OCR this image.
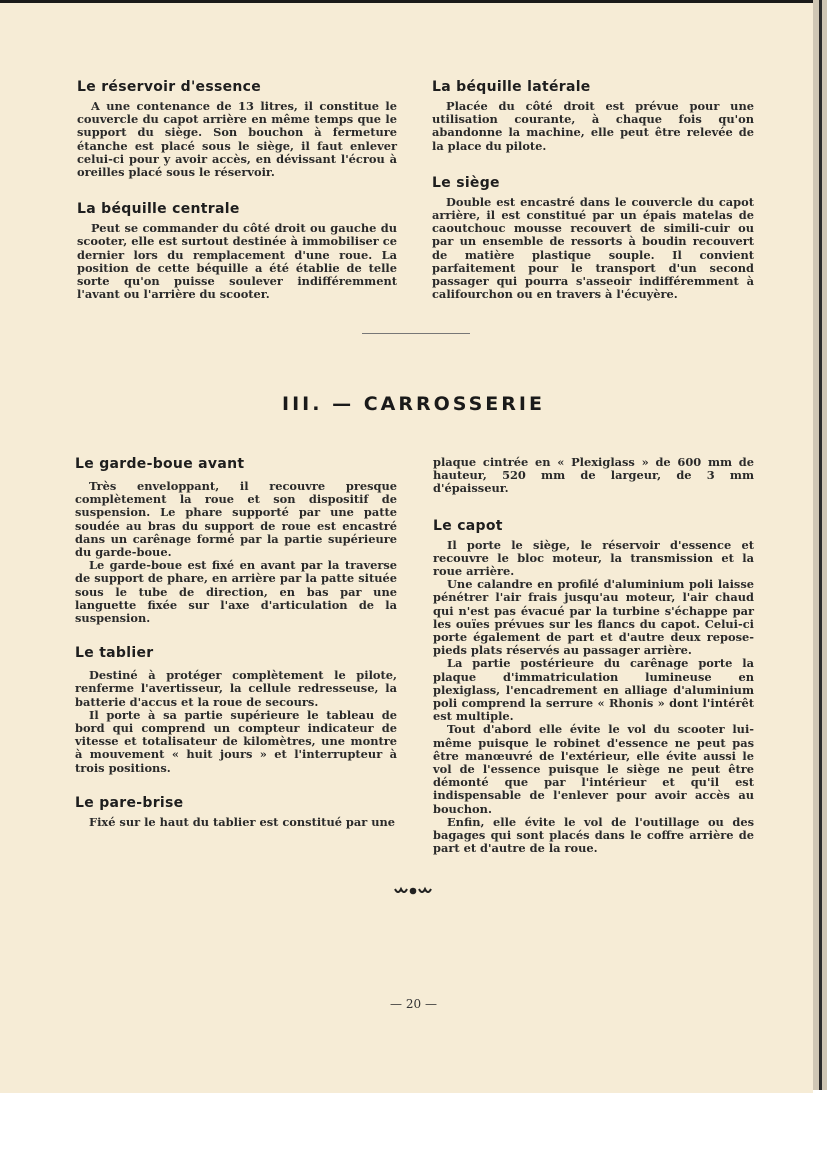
Le réservoir d'essence

A une contenance de 13 litres, il constitue le couvercle du capot arrière en même temps que le support du siège. Son bouchon à fermeture étanche est placé sous le siège, il faut enlever celui-ci pour y avoir accès, en dévissant l'écrou à oreilles placé sous le réservoir.

La béquille centrale

Peut se commander du côté droit ou gauche du scooter, elle est surtout destinée à immobiliser ce dernier lors du remplacement d'une roue. La position de cette béquille a été établie de telle sorte qu'on puisse soulever indifféremment l'avant ou l'arrière du scooter.

La béquille latérale

Placée du côté droit est prévue pour une utilisation courante, à chaque fois qu'on abandonne la machine, elle peut être relevée de la place du pilote.

Le siège

Double est encastré dans le couvercle du capot arrière, il est constitué par un épais matelas de caoutchouc mousse recouvert de simili-cuir ou par un ensemble de ressorts à boudin recouvert de matière plastique souple. Il convient parfaitement pour le transport d'un second passager qui pourra s'asseoir indifféremment à califourchon ou en travers à l'écuyère.

III. — CARROSSERIE
Le garde-boue avant

Très enveloppant, il recouvre presque complètement la roue et son dispositif de suspension. Le phare supporté par une patte soudée au bras du support de roue est encastré dans un carênage formé par la partie supérieure du garde-boue.

Le garde-boue est fixé en avant par la traverse de support de phare, en arrière par la patte située sous le tube de direction, en bas par une languette fixée sur l'axe d'articulation de la suspension.

Le tablier

Destiné à protéger complètement le pilote, renferme l'avertisseur, la cellule redresseuse, la batterie d'accus et la roue de secours.

Il porte à sa partie supérieure le tableau de bord qui comprend un compteur indicateur de vitesse et totalisateur de kilomètres, une montre à mouvement « huit jours » et l'interrupteur à trois positions.

Le pare-brise

Fixé sur le haut du tablier est constitué par une

plaque cintrée en « Plexiglass » de 600 mm de hauteur, 520 mm de largeur, de 3 mm d'épaisseur.

Le capot

Il porte le siège, le réservoir d'essence et recouvre le bloc moteur, la transmission et la roue arrière.

Une calandre en profilé d'aluminium poli laisse pénétrer l'air frais jusqu'au moteur, l'air chaud qui n'est pas évacué par la turbine s'échappe par les ouïes prévues sur les flancs du capot. Celui-ci porte également de part et d'autre deux repose-pieds plats réservés au passager arrière.

La partie postérieure du carênage porte la plaque d'immatriculation lumineuse en plexiglass, l'encadrement en alliage d'aluminium poli comprend la serrure « Rhonis » dont l'intérêt est multiple.

Tout d'abord elle évite le vol du scooter lui-même puisque le robinet d'essence ne peut pas être manœuvré de l'extérieur, elle évite aussi le vol de l'essence puisque le siège ne peut être démonté que par l'intérieur et qu'il est indispensable de l'enlever pour avoir accès au bouchon.

Enfin, elle évite le vol de l'outillage ou des bagages qui sont placés dans le coffre arrière de part et d'autre de la roue.

— 20 —
